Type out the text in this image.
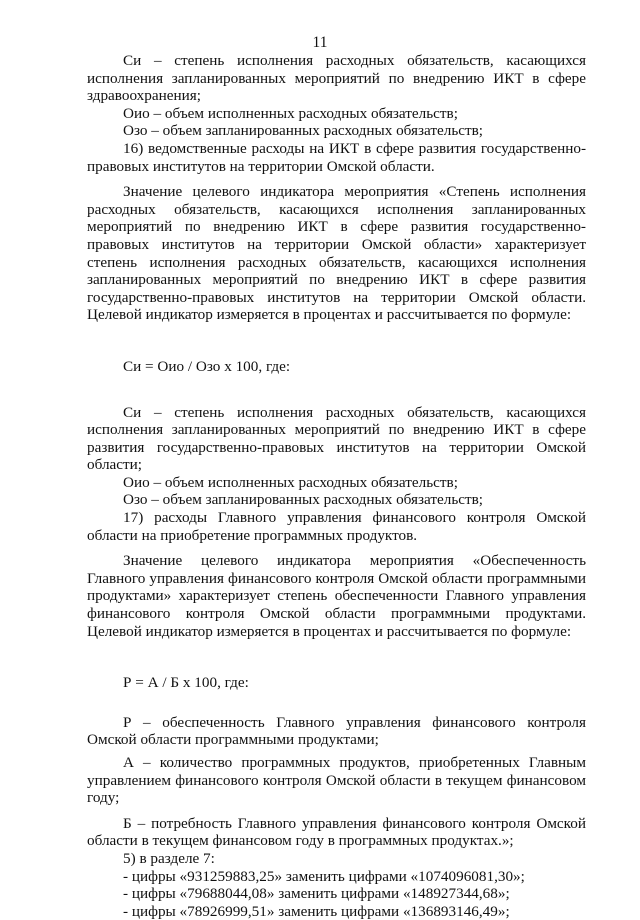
11

Си – степень исполнения расходных обязательств, касающихся исполнения запланированных мероприятий по внедрению ИКТ в сфере здравоохранения;

Оио – объем исполненных расходных обязательств;

Озо – объем запланированных расходных обязательств;

16) ведомственные расходы на ИКТ в сфере развития государственно-правовых институтов на территории Омской области.

Значение целевого индикатора мероприятия «Степень исполнения расходных обязательств, касающихся исполнения запланированных мероприятий по внедрению ИКТ в сфере развития государственно-правовых институтов на территории Омской области» характеризует степень исполнения расходных обязательств, касающихся исполнения запланированных мероприятий по внедрению ИКТ в сфере развития государственно-правовых институтов на территории Омской области. Целевой индикатор измеряется в процентах и рассчитывается по формуле:

Си = Оио / Озо х 100, где:

Си – степень исполнения расходных обязательств, касающихся исполнения запланированных мероприятий по внедрению ИКТ в сфере развития государственно-правовых институтов на территории Омской области;

Оио – объем исполненных расходных обязательств;

Озо – объем запланированных расходных обязательств;

17) расходы Главного управления финансового контроля Омской области на приобретение программных продуктов.

Значение целевого индикатора мероприятия «Обеспеченность Главного управления финансового контроля Омской области программными продуктами» характеризует степень обеспеченности Главного управления финансового контроля Омской области программными продуктами. Целевой индикатор измеряется в процентах и рассчитывается по формуле:

Р = А / Б х 100, где:

Р – обеспеченность Главного управления финансового контроля Омской области программными продуктами;

А – количество программных продуктов, приобретенных Главным управлением финансового контроля Омской области в текущем финансовом году;

Б – потребность Главного управления финансового контроля Омской области в текущем финансовом году в программных продуктах.»;

5) в разделе 7:

- цифры «931259883,25» заменить цифрами «1074096081,30»;

- цифры «79688044,08» заменить цифрами «148927344,68»;

- цифры «78926999,51» заменить цифрами «136893146,49»;
